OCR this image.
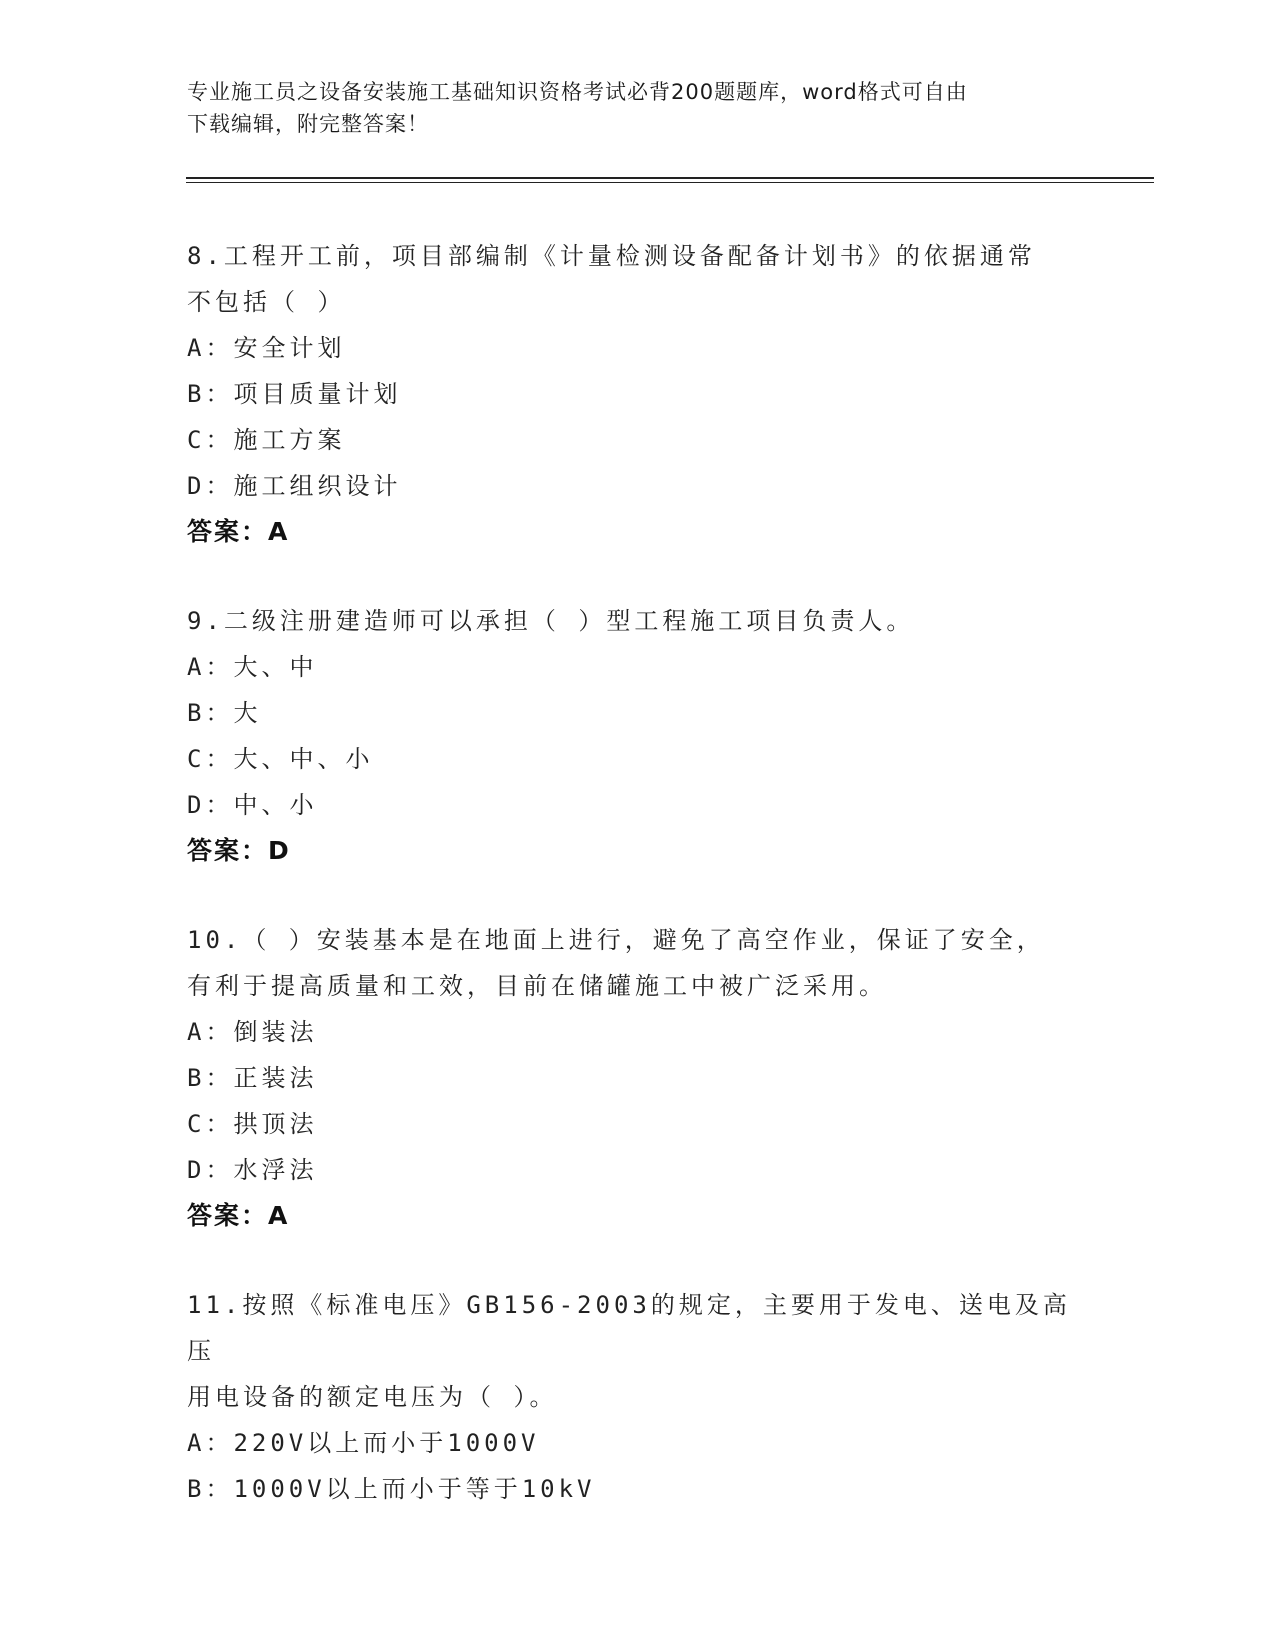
专业施工员之设备安装施工基础知识资格考试必背200题题库，word格式可自由
下载编辑，附完整答案！
8.工程开工前，项目部编制《计量检测设备配备计划书》的依据通常
不包括（ ）
A：安全计划
B：项目质量计划
C：施工方案
D：施工组织设计
答案：A
9.二级注册建造师可以承担（ ）型工程施工项目负责人。
A：大、中
B：大
C：大、中、小
D：中、小
答案：D
10.（ ）安装基本是在地面上进行，避免了高空作业，保证了安全，
有利于提高质量和工效，目前在储罐施工中被广泛采用。
A：倒装法
B：正装法
C：拱顶法
D：水浮法
答案：A
11.按照《标准电压》GB156-2003的规定，主要用于发电、送电及高压
用电设备的额定电压为（ ）。
A：220V以上而小于1000V
B：1000V以上而小于等于10kV
